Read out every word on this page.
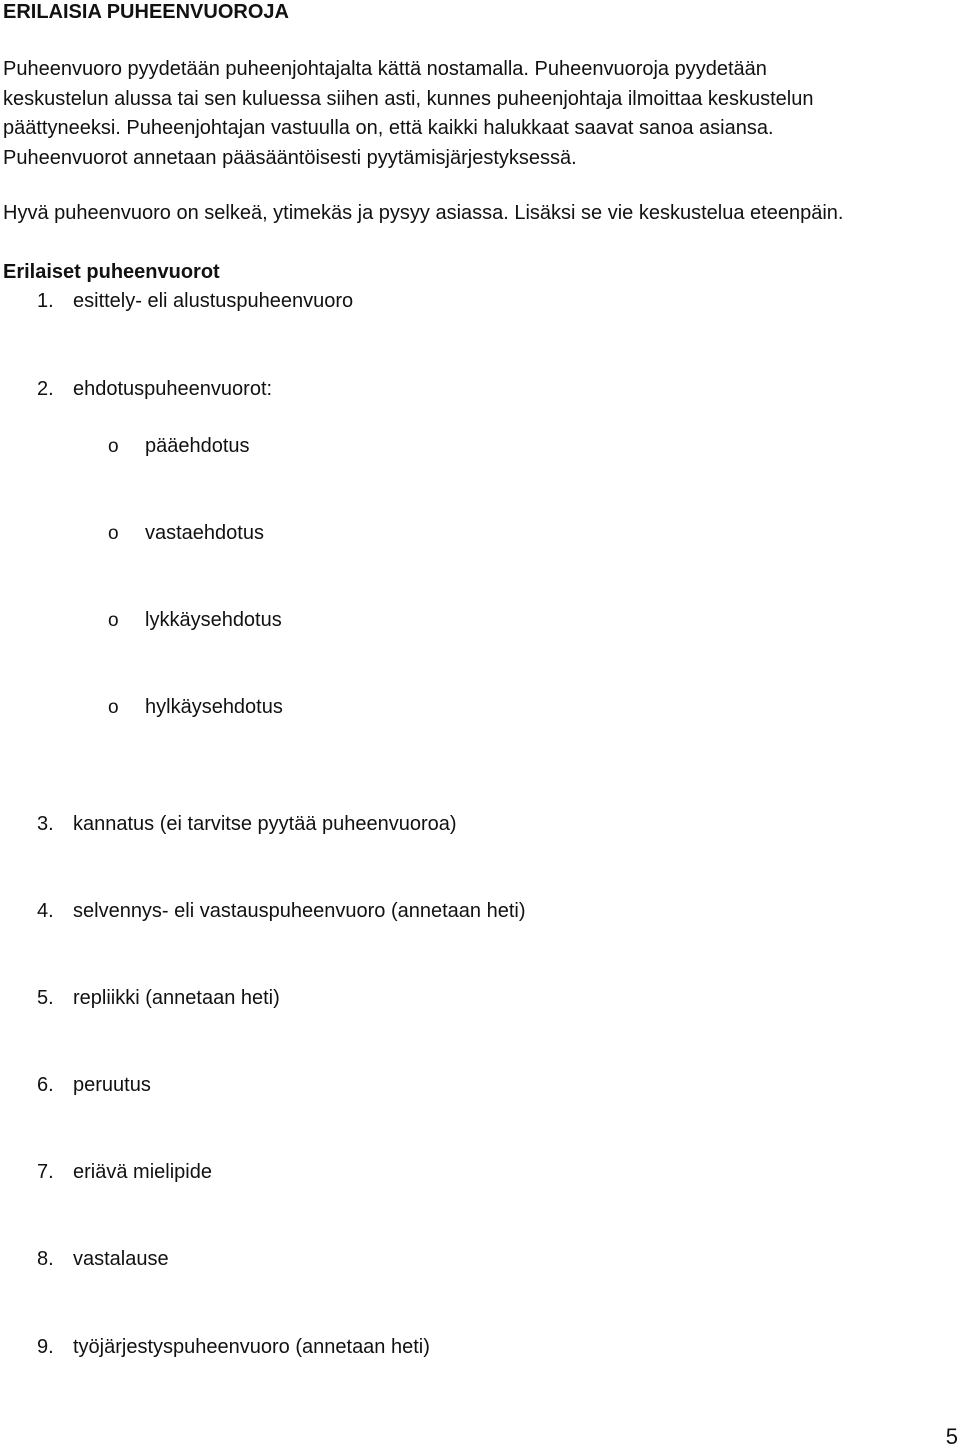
ERILAISIA PUHEENVUOROJA
Puheenvuoro pyydetään puheenjohtajalta kättä nostamalla. Puheenvuoroja pyydetään
keskustelun alussa tai sen kuluessa siihen asti, kunnes puheenjohtaja ilmoittaa keskustelun
päättyneeksi. Puheenjohtajan vastuulla on, että kaikki halukkaat saavat sanoa asiansa.
Puheenvuorot annetaan pääsääntöisesti pyytämisjärjestyksessä.

Hyvä puheenvuoro on selkeä, ytimekäs ja pysyy asiassa. Lisäksi se vie keskustelua eteenpäin.

Erilaiset puheenvuorot
1. esittely- eli alustuspuheenvuoro
2. ehdotuspuheenvuorot:
o	pääehdotus
o	vastaehdotus
o	lykkäysehdotus
o	hylkäysehdotus
3. kannatus (ei tarvitse pyytää puheenvuoroa)
4. selvennys- eli vastauspuheenvuoro (annetaan heti)
5. repliikki (annetaan heti)
6. peruutus
7. eriävä mielipide
8. vastalause
9. työjärjestyspuheenvuoro (annetaan heti)
5
